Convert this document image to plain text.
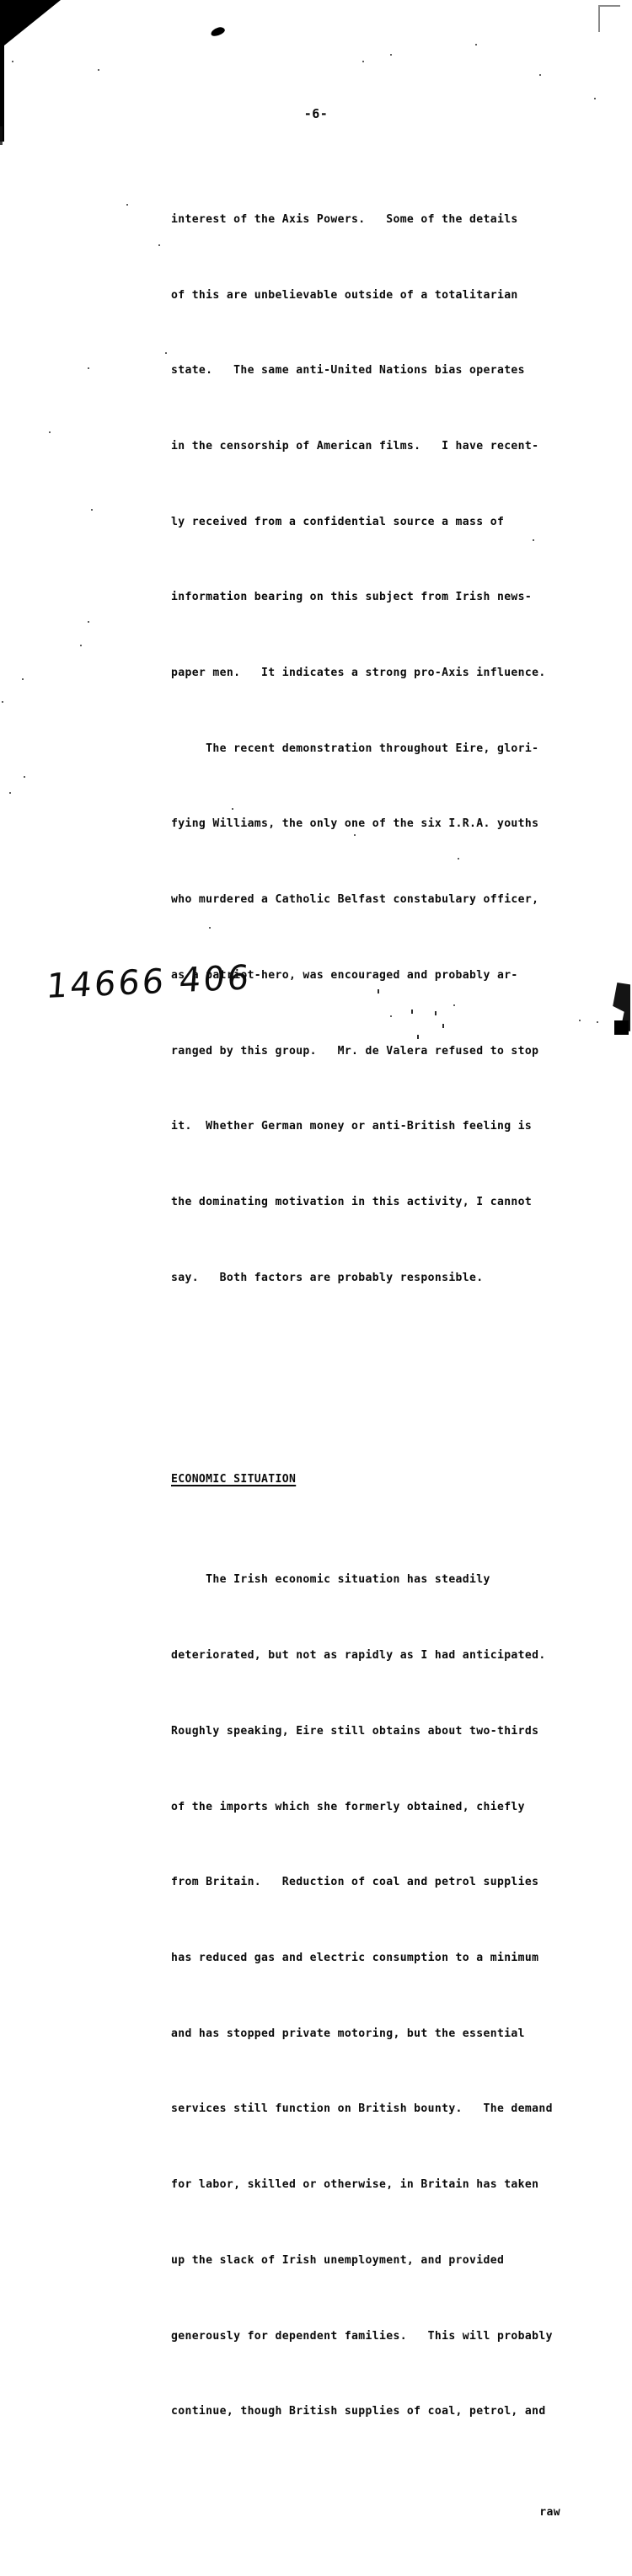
-6-

interest of the Axis Powers.   Some of the details

of this are unbelievable outside of a totalitarian

state.   The same anti-United Nations bias operates

in the censorship of American films.   I have recent-

ly received from a confidential source a mass of

information bearing on this subject from Irish news-

paper men.   It indicates a strong pro-Axis influence.

The recent demonstration throughout Eire, glori-

fying Williams, the only one of the six I.R.A. youths

who murdered a Catholic Belfast constabulary officer,

as a patriot-hero, was encouraged and probably ar-

ranged by this group.   Mr. de Valera refused to stop

it.  Whether German money or anti-British feeling is

the dominating motivation in this activity, I cannot

say.   Both factors are probably responsible.

ECONOMIC SITUATION

The Irish economic situation has steadily

deteriorated, but not as rapidly as I had anticipated.

Roughly speaking, Eire still obtains about two-thirds

of the imports which she formerly obtained, chiefly

from Britain.   Reduction of coal and petrol supplies

has reduced gas and electric consumption to a minimum

and has stopped private motoring, but the essential

services still function on British bounty.   The demand

for labor, skilled or otherwise, in Britain has taken

up the slack of Irish unemployment, and provided

generously for dependent families.   This will probably

continue, though British supplies of coal, petrol, and

raw

14666 406
